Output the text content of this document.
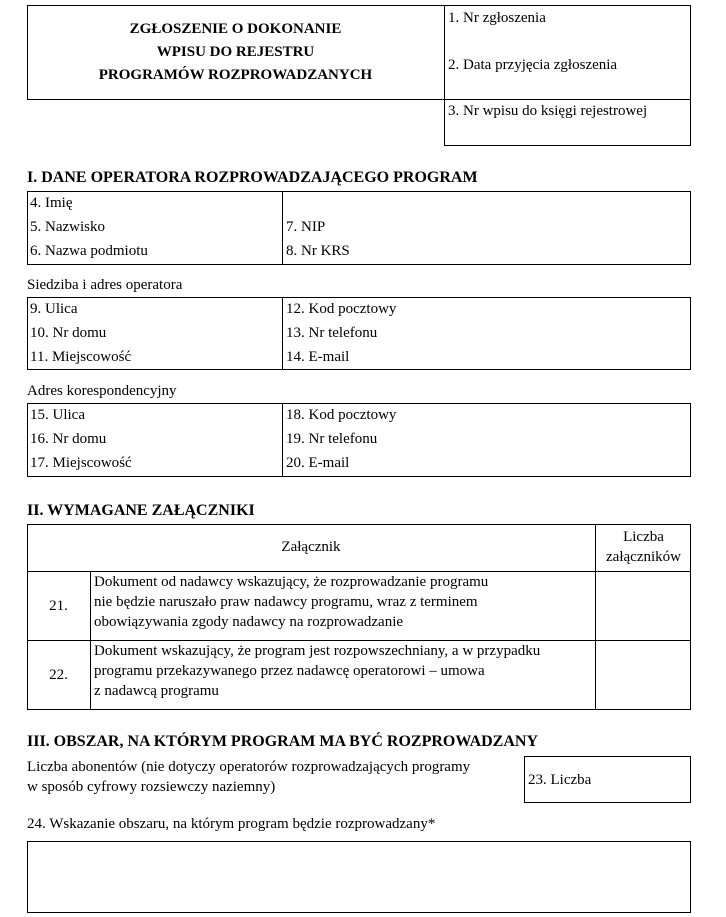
ZGŁOSZENIE O DOKONANIE
WPISU DO REJESTRU
PROGRAMÓW ROZPROWADZANYCH
1. Nr zgłoszenia
2. Data przyjęcia zgłoszenia
3. Nr wpisu do księgi rejestrowej
I. DANE OPERATORA ROZPROWADZAJĄCEGO PROGRAM
4. Imię
5. Nazwisko
6. Nazwa podmiotu
7. NIP
8. Nr KRS
Siedziba i adres operatora
9. Ulica
10. Nr domu
11. Miejscowość
12. Kod pocztowy
13. Nr telefonu
14. E-mail
Adres korespondencyjny
15. Ulica
16. Nr domu
17. Miejscowość
18. Kod pocztowy
19. Nr telefonu
20. E-mail
II. WYMAGANE ZAŁĄCZNIKI
Załącznik
Liczba
załączników
21.
Dokument od nadawcy wskazujący, że rozprowadzanie programu
nie będzie naruszało praw nadawcy programu, wraz z terminem
obowiązywania zgody nadawcy na rozprowadzanie
22.
Dokument wskazujący, że program jest rozpowszechniany, a w przypadku
programu przekazywanego przez nadawcę operatorowi – umowa
z nadawcą programu
III. OBSZAR, NA KTÓRYM PROGRAM MA BYĆ ROZPROWADZANY
Liczba abonentów (nie dotyczy operatorów rozprowadzających programy
w sposób cyfrowy rozsiewczy naziemny)	23. Liczba
24. Wskazanie obszaru, na którym program będzie rozprowadzany*
